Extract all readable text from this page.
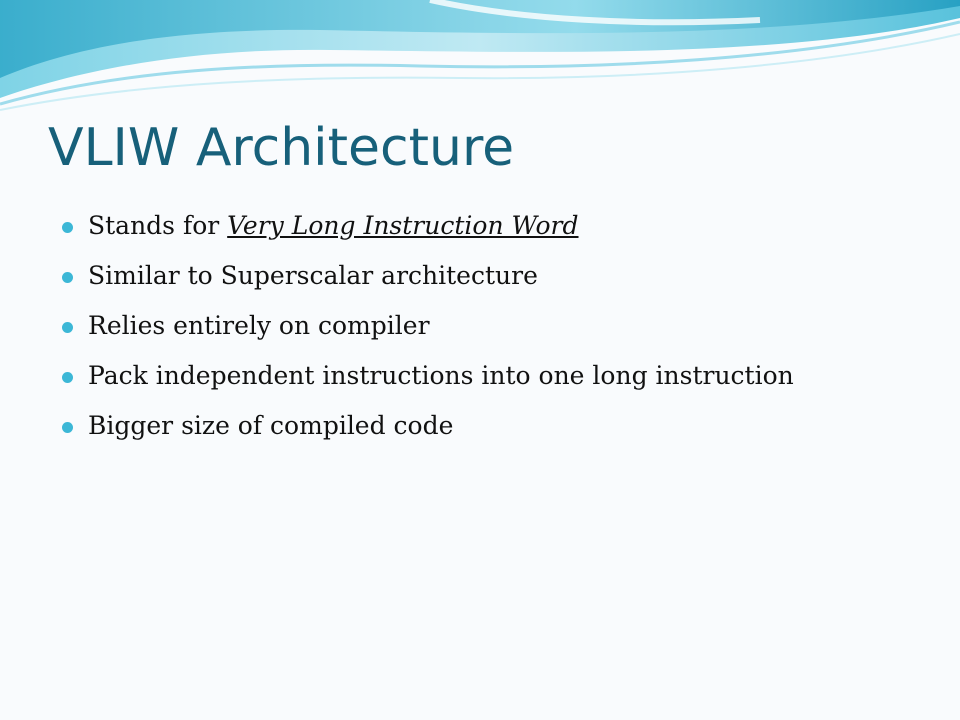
VLIW Architecture
Stands for Very Long Instruction Word
Similar to Superscalar architecture
Relies entirely on compiler
Pack independent instructions into one long instruction
Bigger size of compiled code
